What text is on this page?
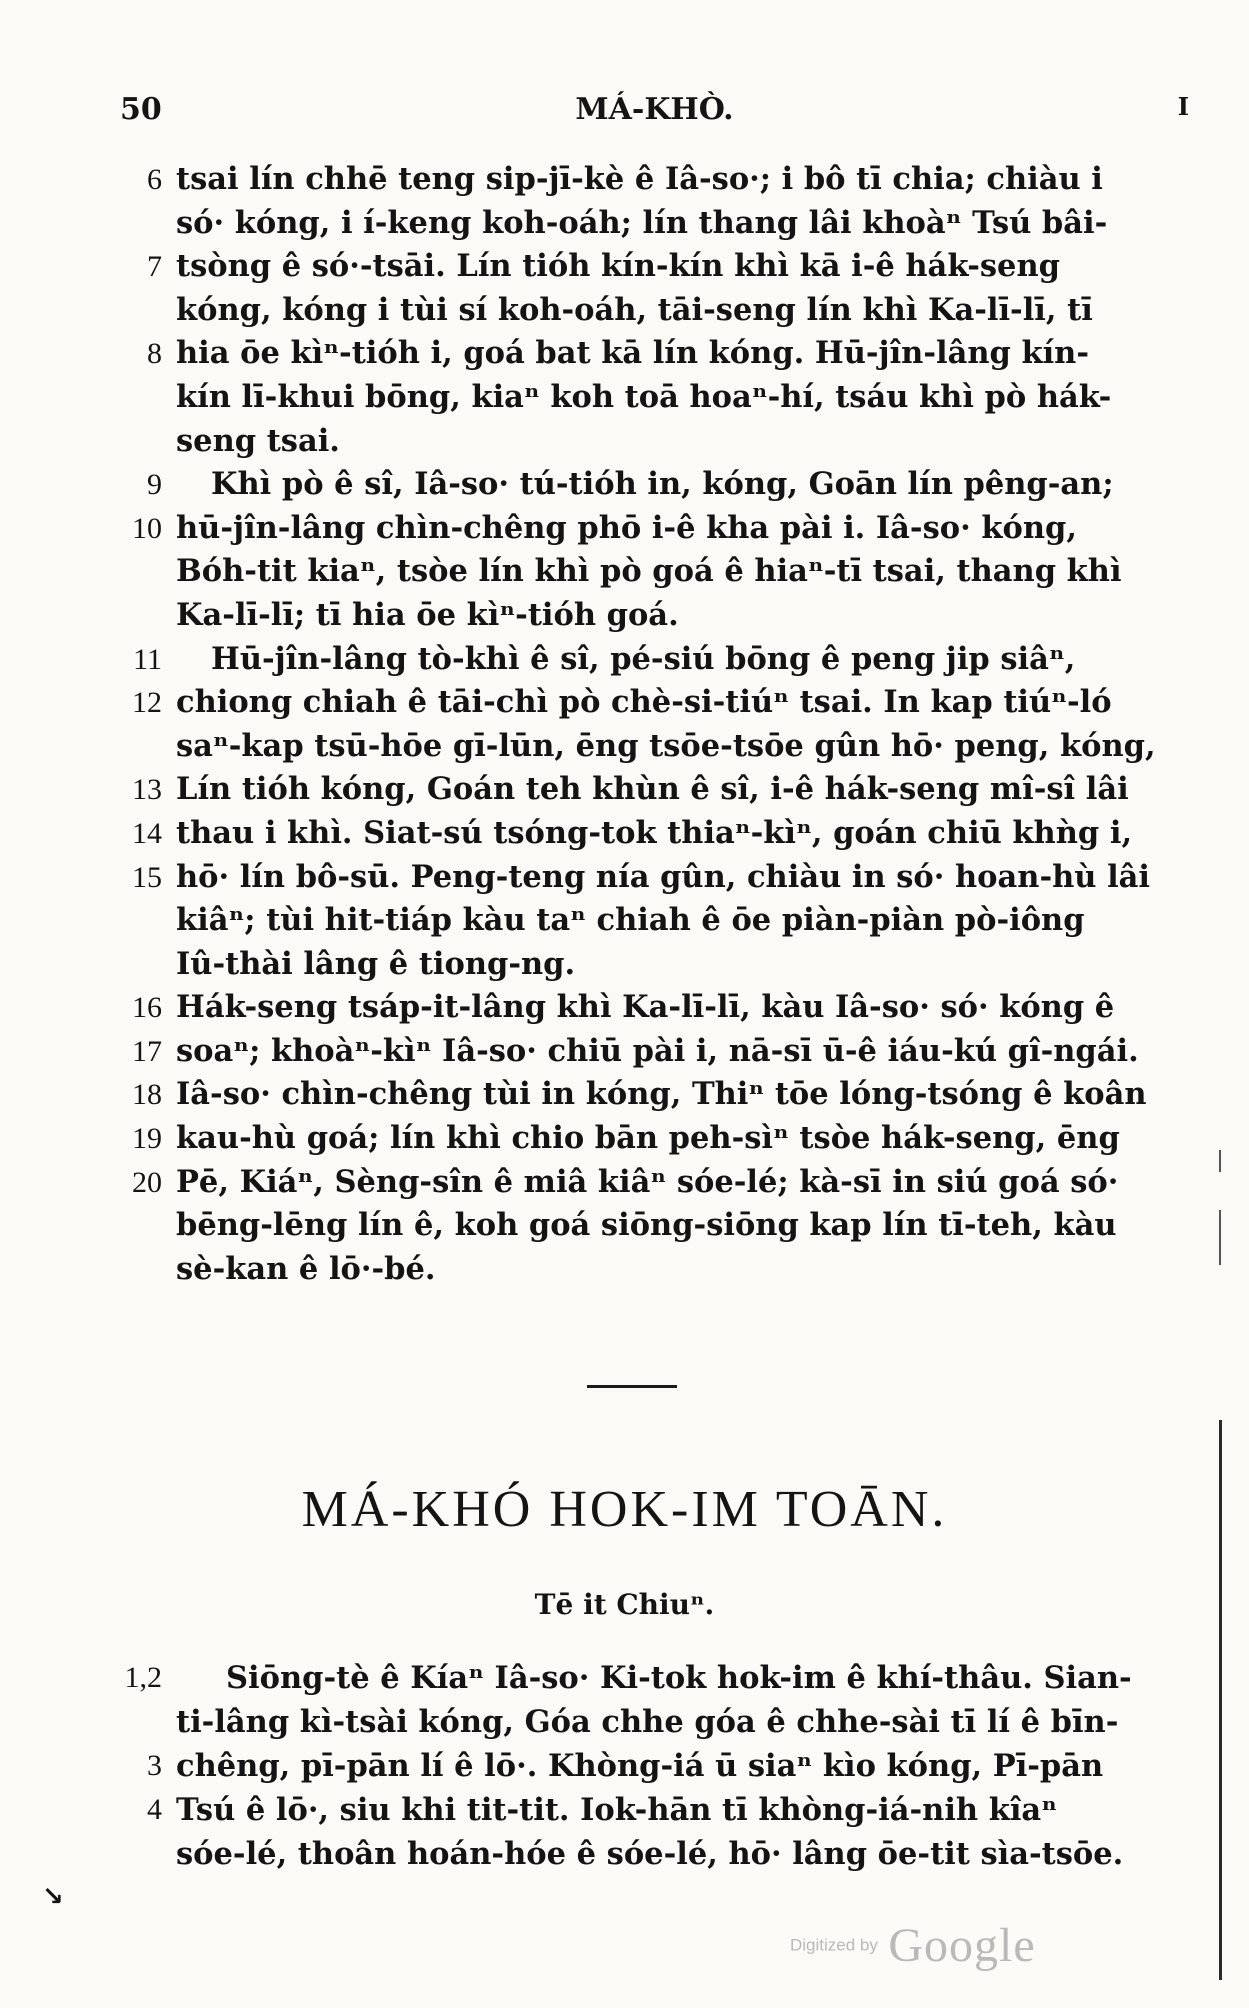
50	MÁ-KHÒ.	I
6 tsai lín chhē teng sip-jī-kè ê Iâ-so·; i bô tī chia; chiàu i
só· kóng, i í-keng koh-oáh; lín thang lâi khoàⁿ Tsú bâi-
7 tsòng ê só·-tsāi. Lín tióh kín-kín khì kā i-ê hák-seng
kóng, kóng i tùi sí koh-oáh, tāi-seng lín khì Ka-lī-lī, tī
8 hia ōe kìⁿ-tióh i, goá bat kā lín kóng. Hū-jîn-lâng kín-
kín lī-khui bōng, kiaⁿ koh toā hoaⁿ-hí, tsáu khì pò hák-
seng tsai.
9 Khì pò ê sî, Iâ-so· tú-tióh in, kóng, Goān lín pêng-an;
10 hū-jîn-lâng chìn-chêng phō i-ê kha pài i. Iâ-so· kóng,
Bóh-tit kiaⁿ, tsòe lín khì pò goá ê hiaⁿ-tī tsai, thang khì
Ka-lī-lī; tī hia ōe kìⁿ-tióh goá.
11 Hū-jîn-lâng tò-khì ê sî, pé-siú bōng ê peng jip siâⁿ,
12 chiong chiah ê tāi-chì pò chè-si-tiúⁿ tsai. In kap tiúⁿ-ló
saⁿ-kap tsū-hōe gī-lūn, ēng tsōe-tsōe gûn hō· peng, kóng,
13 Lín tióh kóng, Goán teh khùn ê sî, i-ê hák-seng mî-sî lâi
14 thau i khì. Siat-sú tsóng-tok thiaⁿ-kìⁿ, goán chiū khǹg i,
15 hō· lín bô-sū. Peng-teng nía gûn, chiàu in só· hoan-hù lâi
kiâⁿ; tùi hit-tiáp kàu taⁿ chiah ê ōe piàn-piàn pò-iông
Iû-thài lâng ê tiong-ng.
16 Hák-seng tsáp-it-lâng khì Ka-lī-lī, kàu Iâ-so· só· kóng ê
17 soaⁿ; khoàⁿ-kìⁿ Iâ-so· chiū pài i, nā-sī ū-ê iáu-kú gî-ngái.
18 Iâ-so· chìn-chêng tùi in kóng, Thiⁿ tōe lóng-tsóng ê koân
19 kau-hù goá; lín khì chio bān peh-sìⁿ tsòe hák-seng, ēng
20 Pē, Kiáⁿ, Sèng-sîn ê miâ kiâⁿ sóe-lé; kà-sī in siú goá só·
bēng-lēng lín ê, koh goá siōng-siōng kap lín tī-teh, kàu
sè-kan ê lō·-bé.
MÁ-KHÓ HOK-IM TOĀN.
Tē it Chiuⁿ.
1,2 Siōng-tè ê Kíaⁿ Iâ-so· Ki-tok hok-im ê khí-thâu. Sian-
ti-lâng kì-tsài kóng, Góa chhe góa ê chhe-sài tī lí ê bīn-
3 chêng, pī-pān lí ê lō·. Khòng-iá ū siaⁿ kìo kóng, Pī-pān
4 Tsú ê lō·, siu khi tit-tit. Iok-hān tī khòng-iá-nih kîaⁿ
sóe-lé, thoân hoán-hóe ê sóe-lé, hō· lâng ōe-tit sìa-tsōe.
↘
Digitized by Google
